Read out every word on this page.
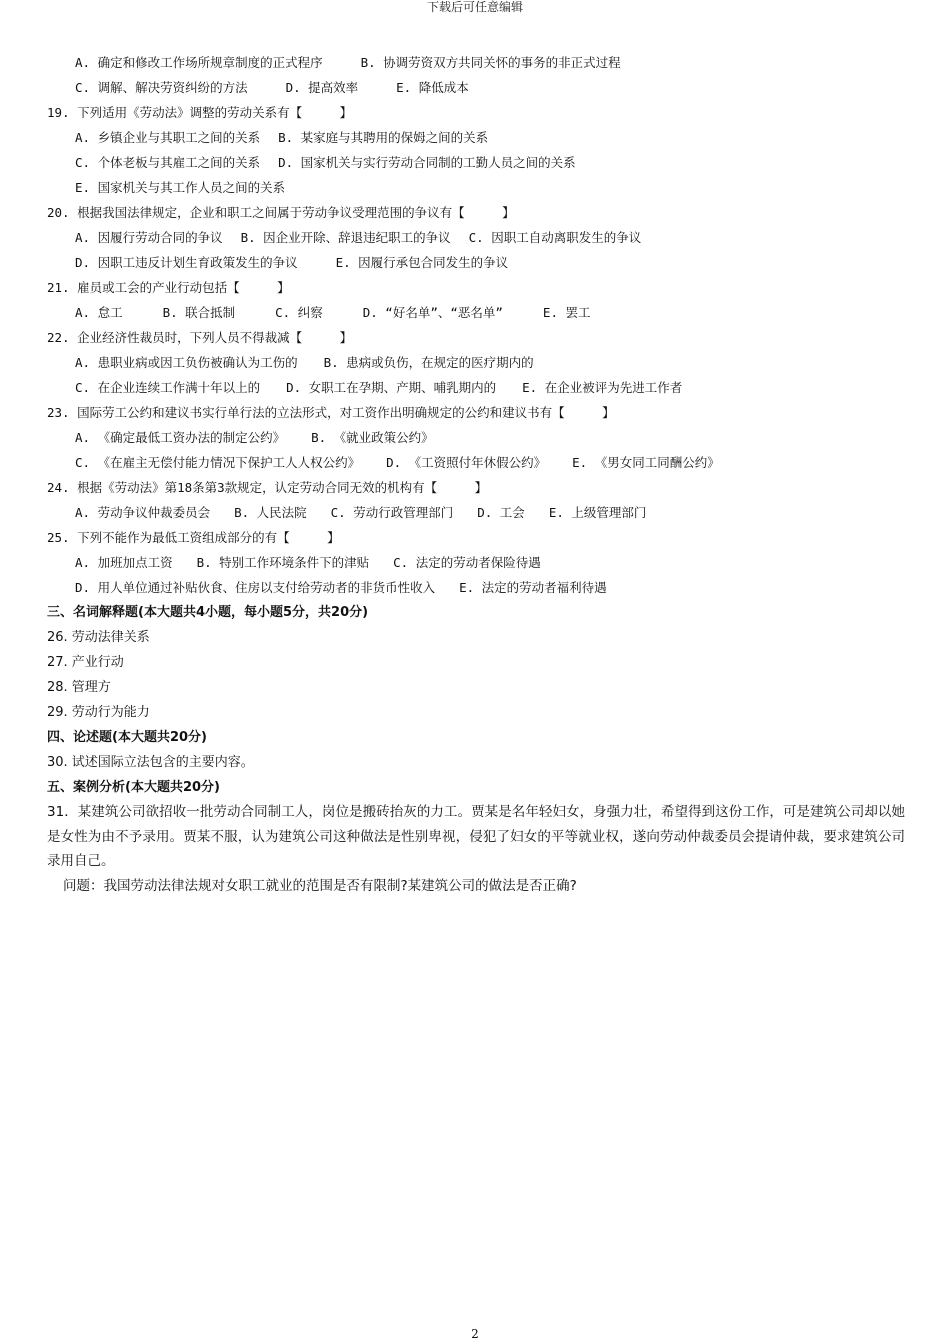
下载后可任意编辑
A. 确定和修改工作场所规章制度的正式程序	B. 协调劳资双方共同关怀的事务的非正式过程
C. 调解、解决劳资纠纷的方法	D. 提高效率	E. 降低成本
19. 下列适用《劳动法》调整的劳动关系有【　　　】
A. 乡镇企业与其职工之间的关系 B. 某家庭与其聘用的保姆之间的关系
C. 个体老板与其雇工之间的关系 D. 国家机关与实行劳动合同制的工勤人员之间的关系
E. 国家机关与其工作人员之间的关系
20. 根据我国法律规定，企业和职工之间属于劳动争议受理范围的争议有【　　　】
A. 因履行劳动合同的争议 B. 因企业开除、辞退违纪职工的争议 C. 因职工自动离职发生的争议
D. 因职工违反计划生育政策发生的争议	E. 因履行承包合同发生的争议
21. 雇员或工会的产业行动包括【　　　】
A. 怠工	B. 联合抵制	C. 纠察	D. “好名单”、“恶名单”	E. 罢工
22. 企业经济性裁员时，下列人员不得裁减【　　　】
A. 患职业病或因工负伤被确认为工伤的 B. 患病或负伤，在规定的医疗期内的
C. 在企业连续工作满十年以上的 D. 女职工在孕期、产期、哺乳期内的 E. 在企业被评为先进工作者
23. 国际劳工公约和建议书实行单行法的立法形式，对工资作出明确规定的公约和建议书有【　　　】
A. 《确定最低工资办法的制定公约》 B. 《就业政策公约》
C. 《在雇主无偿付能力情况下保护工人人权公约》 D. 《工资照付年休假公约》 E. 《男女同工同酬公约》
24. 根据《劳动法》第18条第3款规定，认定劳动合同无效的机构有【　　　】
A. 劳动争议仲裁委员会 B. 人民法院 C. 劳动行政管理部门 D. 工会 E. 上级管理部门
25. 下列不能作为最低工资组成部分的有【　　　】
A. 加班加点工资 B. 特别工作环境条件下的津贴 C. 法定的劳动者保险待遇
D. 用人单位通过补贴伙食、住房以支付给劳动者的非货币性收入 E. 法定的劳动者福利待遇
三、名词解释题(本大题共4小题，每小题5分，共20分)
26. 劳动法律关系
27. 产业行动
28. 管理方
29. 劳动行为能力
四、论述题(本大题共20分)
30. 试述国际立法包含的主要内容。
五、案例分析(本大题共20分)
31．某建筑公司欲招收一批劳动合同制工人，岗位是搬砖抬灰的力工。贾某是名年轻妇女，身强力壮，希望得到这份工作，可是建筑公司却以她是女性为由不予录用。贾某不服，认为建筑公司这种做法是性别卑视，侵犯了妇女的平等就业权，遂向劳动仲裁委员会提请仲裁，要求建筑公司录用自己。
问题：我国劳动法律法规对女职工就业的范围是否有限制?某建筑公司的做法是否正确?
2
